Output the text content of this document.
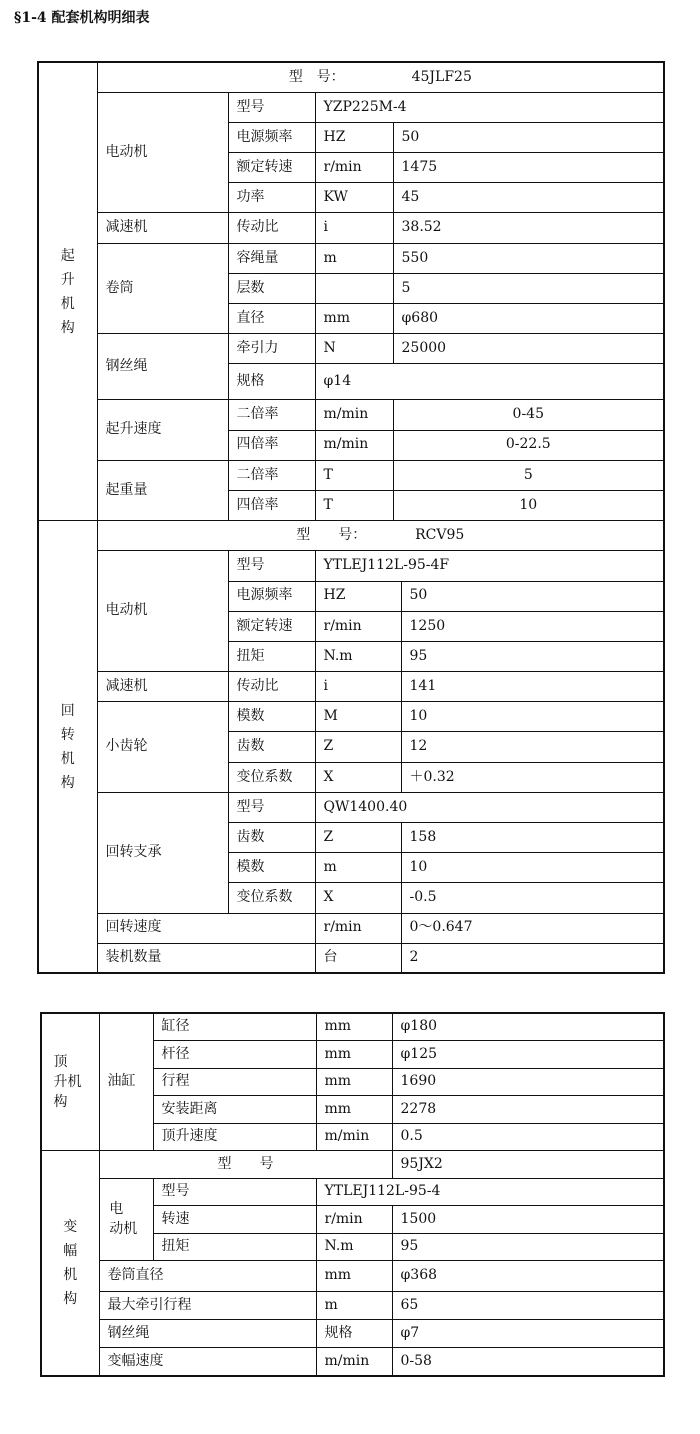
§1-4 配套机构明细表
起升机构	型　号： 45JLF25				
	电动机	型号	YZP225M-4		
		电源频率	HZ	50	
		额定转速	r/min	1475	
		功率	KW	45	
	减速机	传动比	i	38.52	
	卷筒	容绳量	m	550	
		层数		5	
		直径	mm	φ680	
	钢丝绳	牵引力	N	25000	
		规格	φ14		
	起升速度	二倍率	m/min	0-45	
		四倍率	m/min	0-22.5	
	起重量	二倍率	T	5	
		四倍率	T	10	
回转机构	型　　号： RCV95				
	电动机	型号	YTLEJ112L-95-4F		
		电源频率	HZ		50
		额定转速	r/min		1250
		扭矩	N.m		95
	减速机	传动比	i		141
	小齿轮	模数	M		10
		齿数	Z		12
		变位系数	X		＋0.32
	回转支承	型号	QW1400.40		
		齿数	Z		158
		模数	m		10
		变位系数	X		-0.5
	回转速度		r/min		0～0.647
	装机数量		台		2
顶　升机构	油缸	缸径	mm	φ180
		杆径	mm	φ125
		行程	mm	1690
		安装距离	mm	2278
		顶升速度	m/min	0.5
变幅机构	型　　号			95JX2
	电　动机	型号	YTLEJ112L-95-4	
		转速	r/min	1500
		扭矩	N.m	95
	卷筒直径		mm	φ368
	最大牵引行程		m	65
	钢丝绳		规格	φ7
	变幅速度		m/min	0-58
